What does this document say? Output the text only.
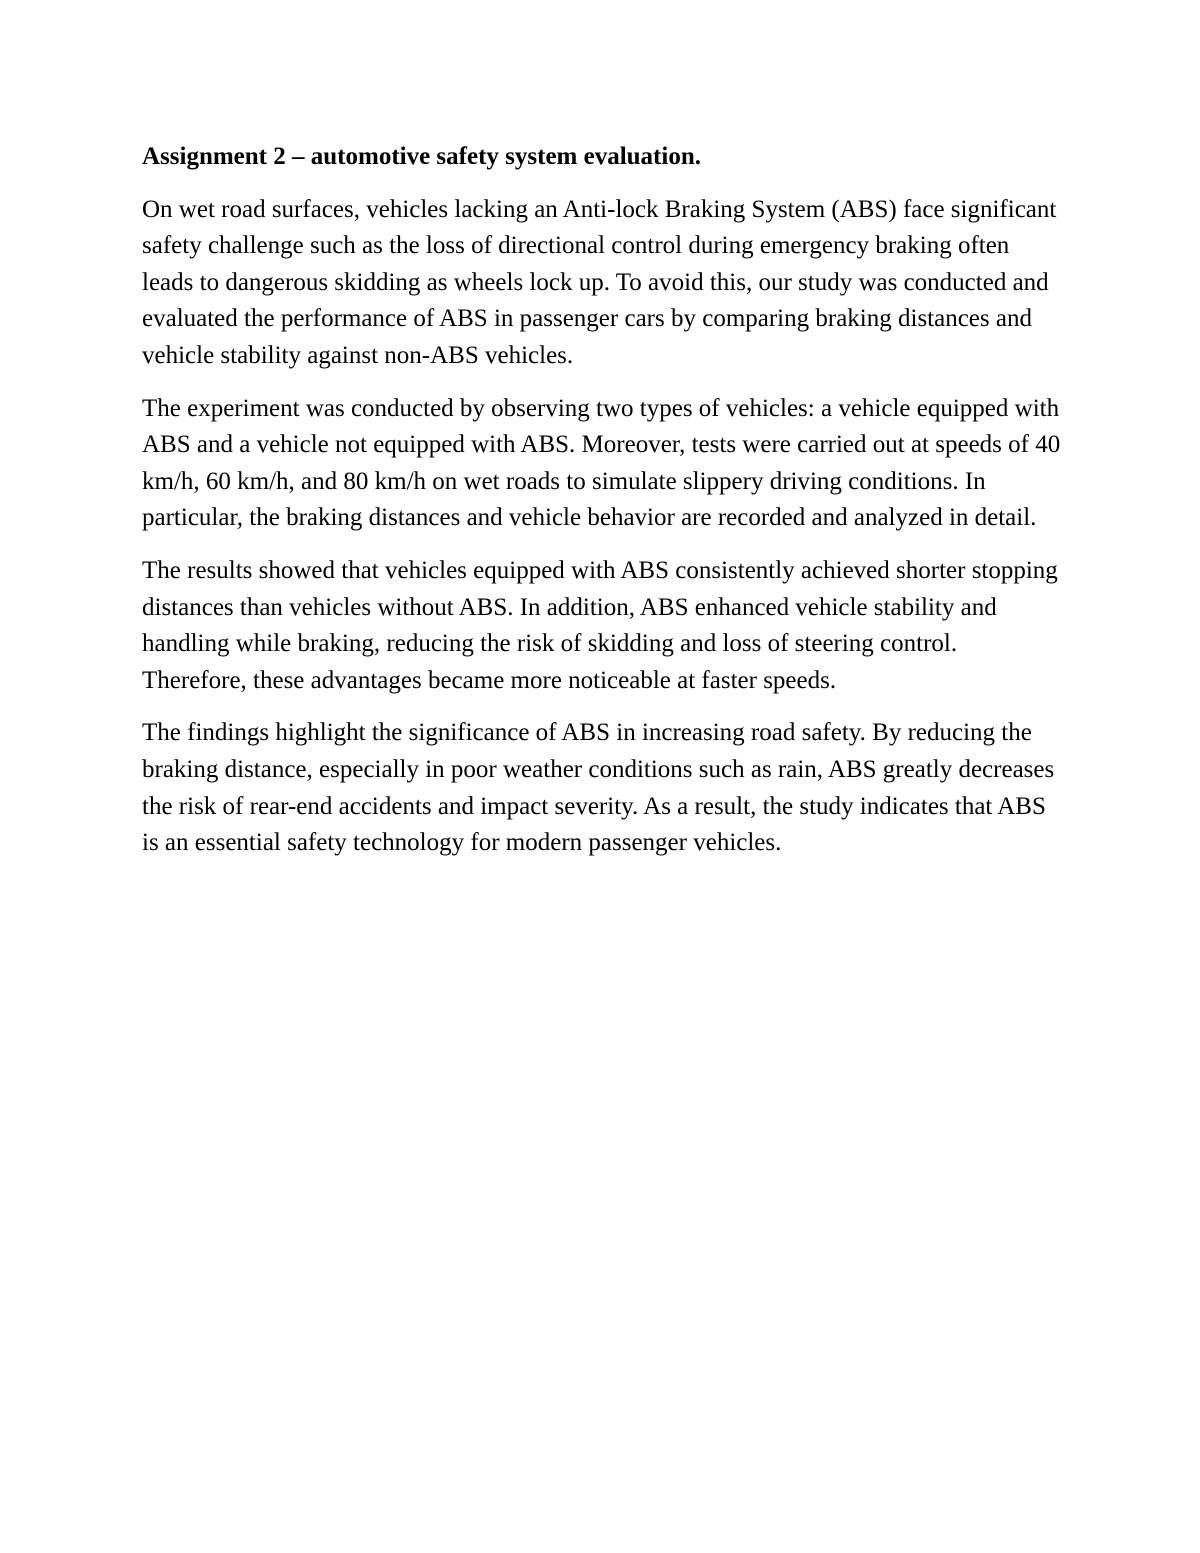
Assignment 2 – automotive safety system evaluation.

On wet road surfaces, vehicles lacking an Anti-lock Braking System (ABS) face significant safety challenge such as the loss of directional control during emergency braking often leads to dangerous skidding as wheels lock up. To avoid this, our study was conducted and evaluated the performance of ABS in passenger cars by comparing braking distances and vehicle stability against non-ABS vehicles.

The experiment was conducted by observing two types of vehicles: a vehicle equipped with ABS and a vehicle not equipped with ABS. Moreover, tests were carried out at speeds of 40 km/h, 60 km/h, and 80 km/h on wet roads to simulate slippery driving conditions. In particular, the braking distances and vehicle behavior are recorded and analyzed in detail.

The results showed that vehicles equipped with ABS consistently achieved shorter stopping distances than vehicles without ABS. In addition, ABS enhanced vehicle stability and handling while braking, reducing the risk of skidding and loss of steering control. Therefore, these advantages became more noticeable at faster speeds.

The findings highlight the significance of ABS in increasing road safety. By reducing the braking distance, especially in poor weather conditions such as rain, ABS greatly decreases the risk of rear-end accidents and impact severity. As a result, the study indicates that ABS is an essential safety technology for modern passenger vehicles.
